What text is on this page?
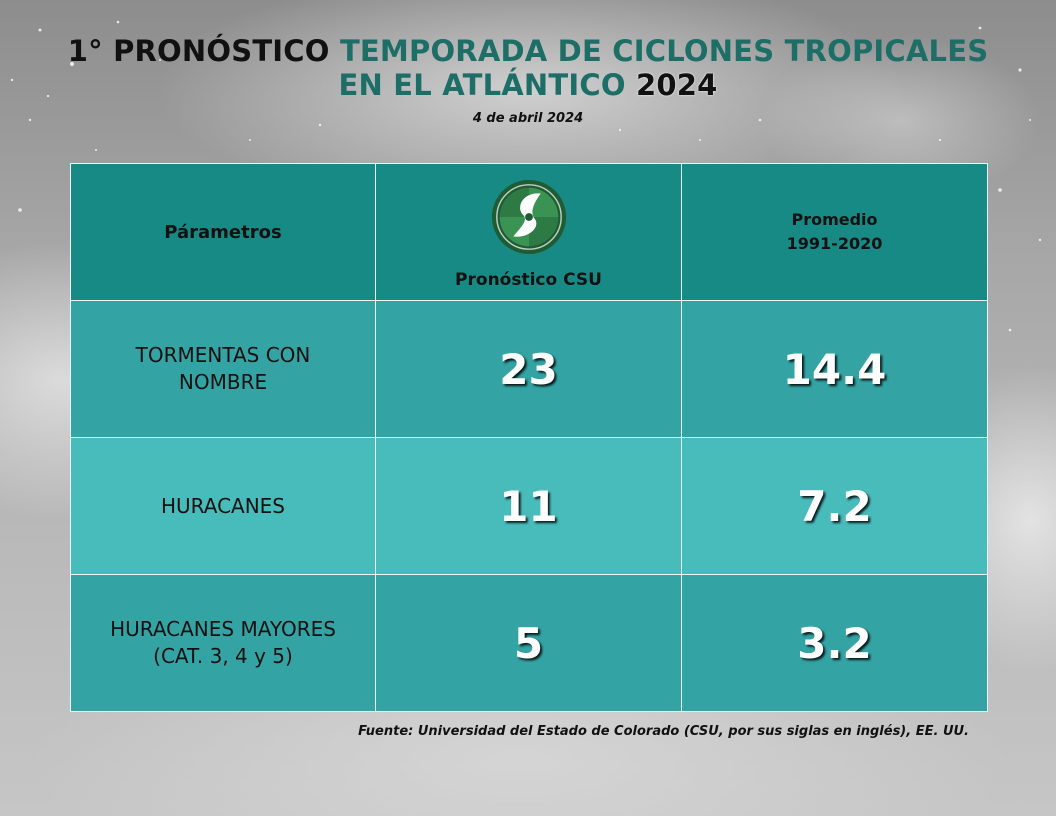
1° PRONÓSTICO TEMPORADA DE CICLONES TROPICALES
EN EL ATLÁNTICO 2024
4 de abril 2024
Párametros	Pronóstico CSU	Promedio
1991-2020

TORMENTAS CON
NOMBRE	23	14.4

HURACANES	11	7.2

HURACANES MAYORES
(CAT. 3, 4 y 5)	5	3.2
Fuente: Universidad del Estado de Colorado (CSU, por sus siglas en inglés), EE. UU.
